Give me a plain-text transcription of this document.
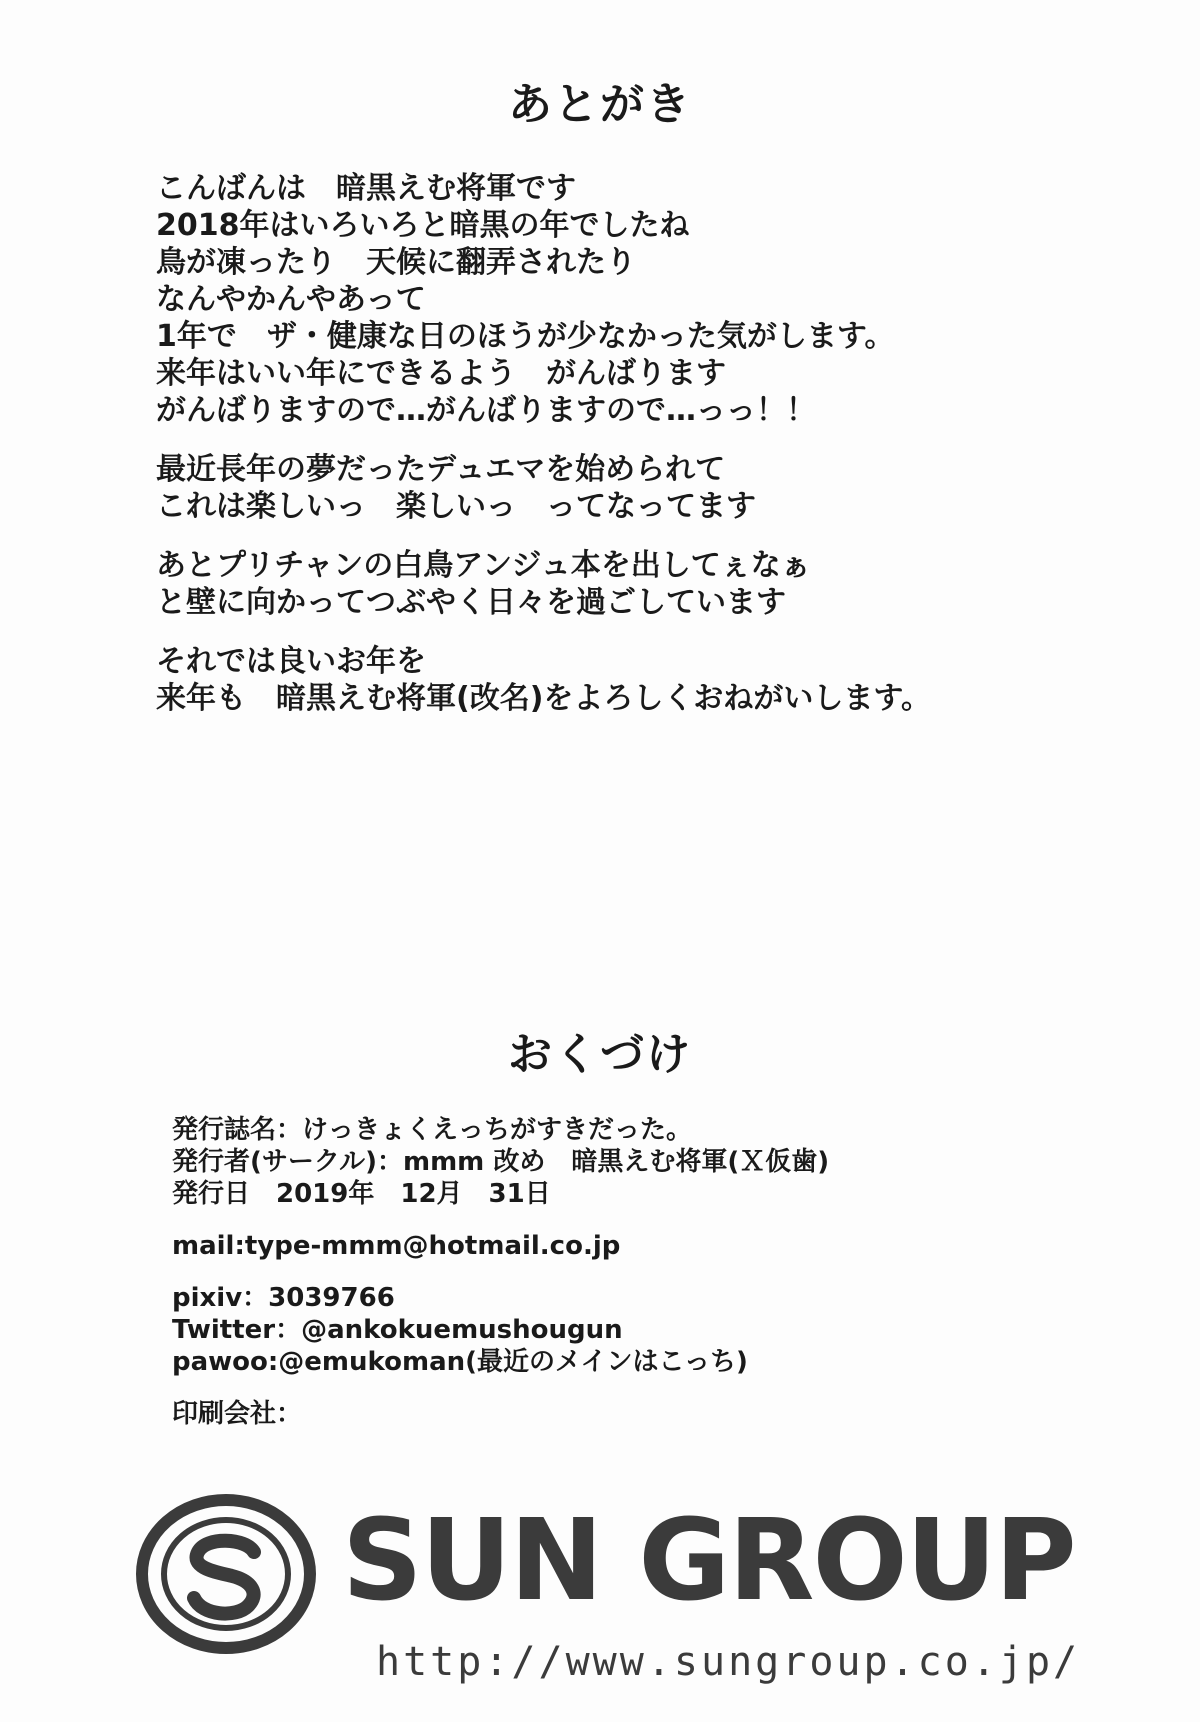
あとがき
こんばんは　暗黒えむ将軍です
2018年はいろいろと暗黒の年でしたね
鳥が凍ったり　天候に翻弄されたり
なんやかんやあって
1年で　ザ・健康な日のほうが少なかった気がします。
来年はいい年にできるよう　がんばります
がんばりますので…がんばりますので…っっ！！
最近長年の夢だったデュエマを始められて
これは楽しいっ　楽しいっ　ってなってます
あとプリチャンの白鳥アンジュ本を出してぇなぁ
と壁に向かってつぶやく日々を過ごしています
それでは良いお年を
来年も　暗黒えむ将軍(改名)をよろしくおねがいします。
おくづけ
発行誌名：けっきょくえっちがすきだった。
発行者(サークル)：mmm 改め　暗黒えむ将軍(Ｘ仮歯)
発行日　2019年　12月　31日
mail:type-mmm@hotmail.co.jp
pixiv：3039766
Twitter：@ankokuemushougun
pawoo:@emukoman(最近のメインはこっち)
印刷会社：
SUN GROUP
http://www.sungroup.co.jp/
